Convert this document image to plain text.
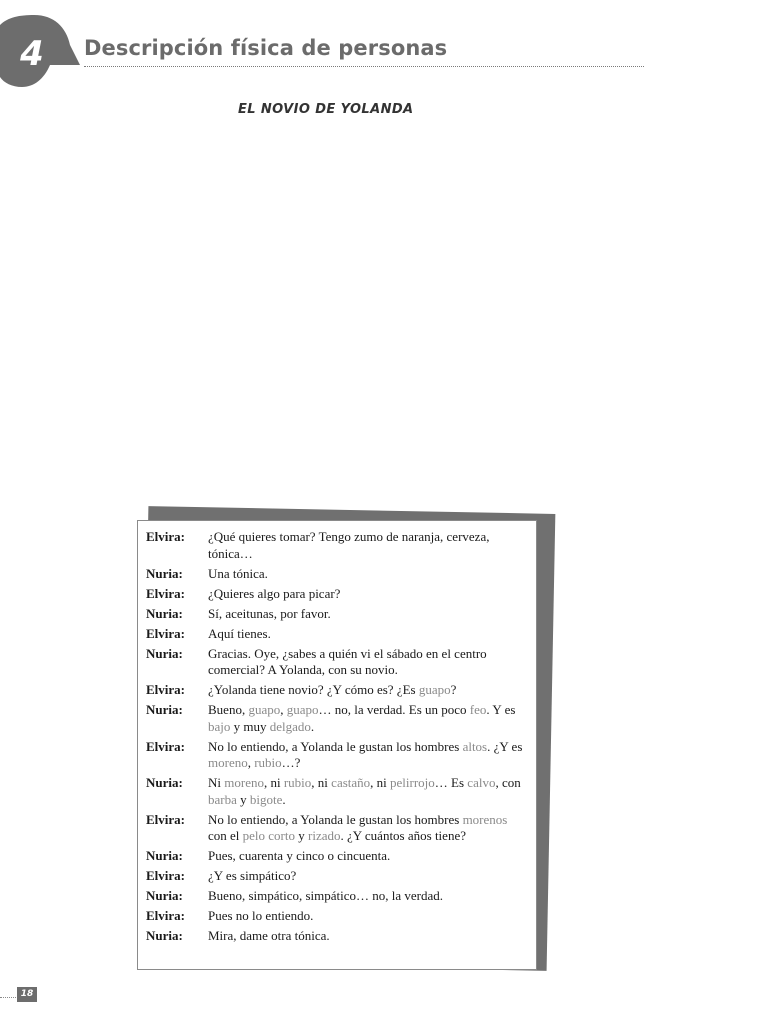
4	Descripción física de personas
EL NOVIO DE YOLANDA
Elvira:	¿Qué quieres tomar? Tengo zumo de naranja, cerveza, tónica…
Nuria:	Una tónica.
Elvira:	¿Quieres algo para picar?
Nuria:	Sí, aceitunas, por favor.
Elvira:	Aquí tienes.
Nuria:	Gracias. Oye, ¿sabes a quién vi el sábado en el centro comercial? A Yolanda, con su novio.
Elvira:	¿Yolanda tiene novio? ¿Y cómo es? ¿Es guapo?
Nuria:	Bueno, guapo, guapo… no, la verdad. Es un poco feo. Y es bajo y muy delgado.
Elvira:	No lo entiendo, a Yolanda le gustan los hombres altos. ¿Y es moreno, rubio…?
Nuria:	Ni moreno, ni rubio, ni castaño, ni pelirrojo… Es calvo, con barba y bigote.
Elvira:	No lo entiendo, a Yolanda le gustan los hombres morenos con el pelo corto y rizado. ¿Y cuántos años tiene?
Nuria:	Pues, cuarenta y cinco o cincuenta.
Elvira:	¿Y es simpático?
Nuria:	Bueno, simpático, simpático… no, la verdad.
Elvira:	Pues no lo entiendo.
Nuria:	Mira, dame otra tónica.
18
